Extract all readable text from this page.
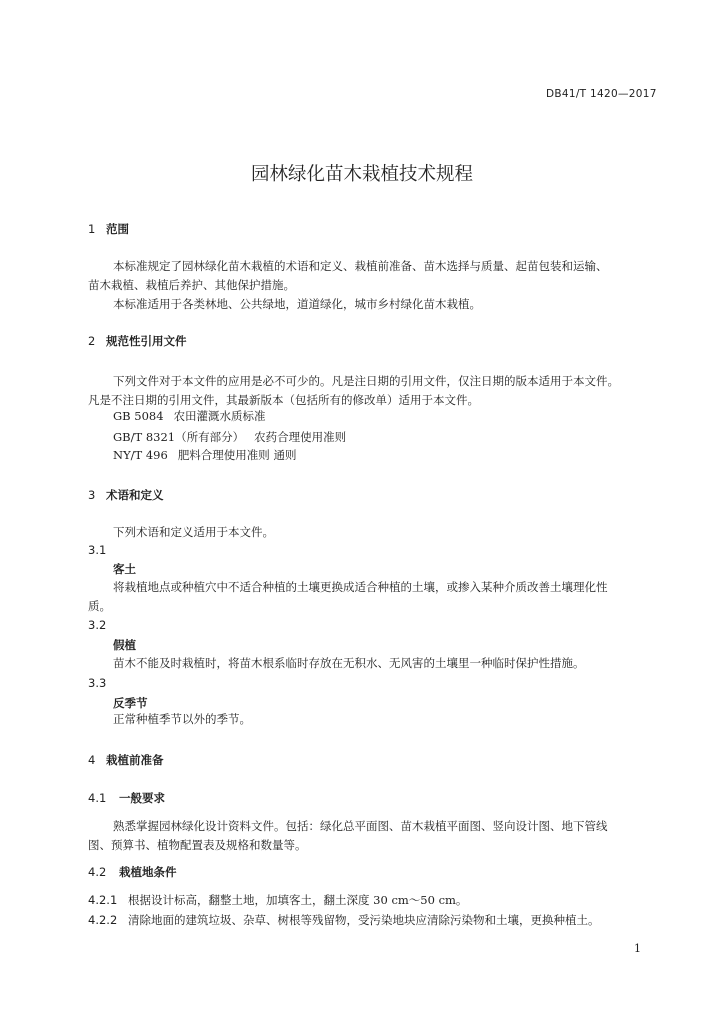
DB41/T 1420—2017
园林绿化苗木栽植技术规程
1 范围
本标准规定了园林绿化苗木栽植的术语和定义、栽植前准备、苗木选择与质量、起苗包装和运输、
苗木栽植、栽植后养护、其他保护措施。
本标准适用于各类林地、公共绿地，道道绿化，城市乡村绿化苗木栽植。
2 规范性引用文件
下列文件对于本文件的应用是必不可少的。凡是注日期的引用文件，仅注日期的版本适用于本文件。
凡是不注日期的引用文件，其最新版本（包括所有的修改单）适用于本文件。
GB 5084 农田灌溉水质标准
GB/T 8321（所有部分） 农药合理使用准则
NY/T 496 肥料合理使用准则 通则
3 术语和定义
下列术语和定义适用于本文件。
3.1
客土
将栽植地点或种植穴中不适合种植的土壤更换成适合种植的土壤，或掺入某种介质改善土壤理化性
质。
3.2
假植
苗木不能及时栽植时，将苗木根系临时存放在无积水、无风害的土壤里一种临时保护性措施。
3.3
反季节
正常种植季节以外的季节。
4 栽植前准备
4.1 一般要求
熟悉掌握园林绿化设计资料文件。包括：绿化总平面图、苗木栽植平面图、竖向设计图、地下管线
图、预算书、植物配置表及规格和数量等。
4.2 栽植地条件
4.2.1 根据设计标高，翻整土地，加填客土，翻土深度 30 cm～50 cm。
4.2.2 清除地面的建筑垃圾、杂草、树根等残留物，受污染地块应清除污染物和土壤，更换种植土。
1
